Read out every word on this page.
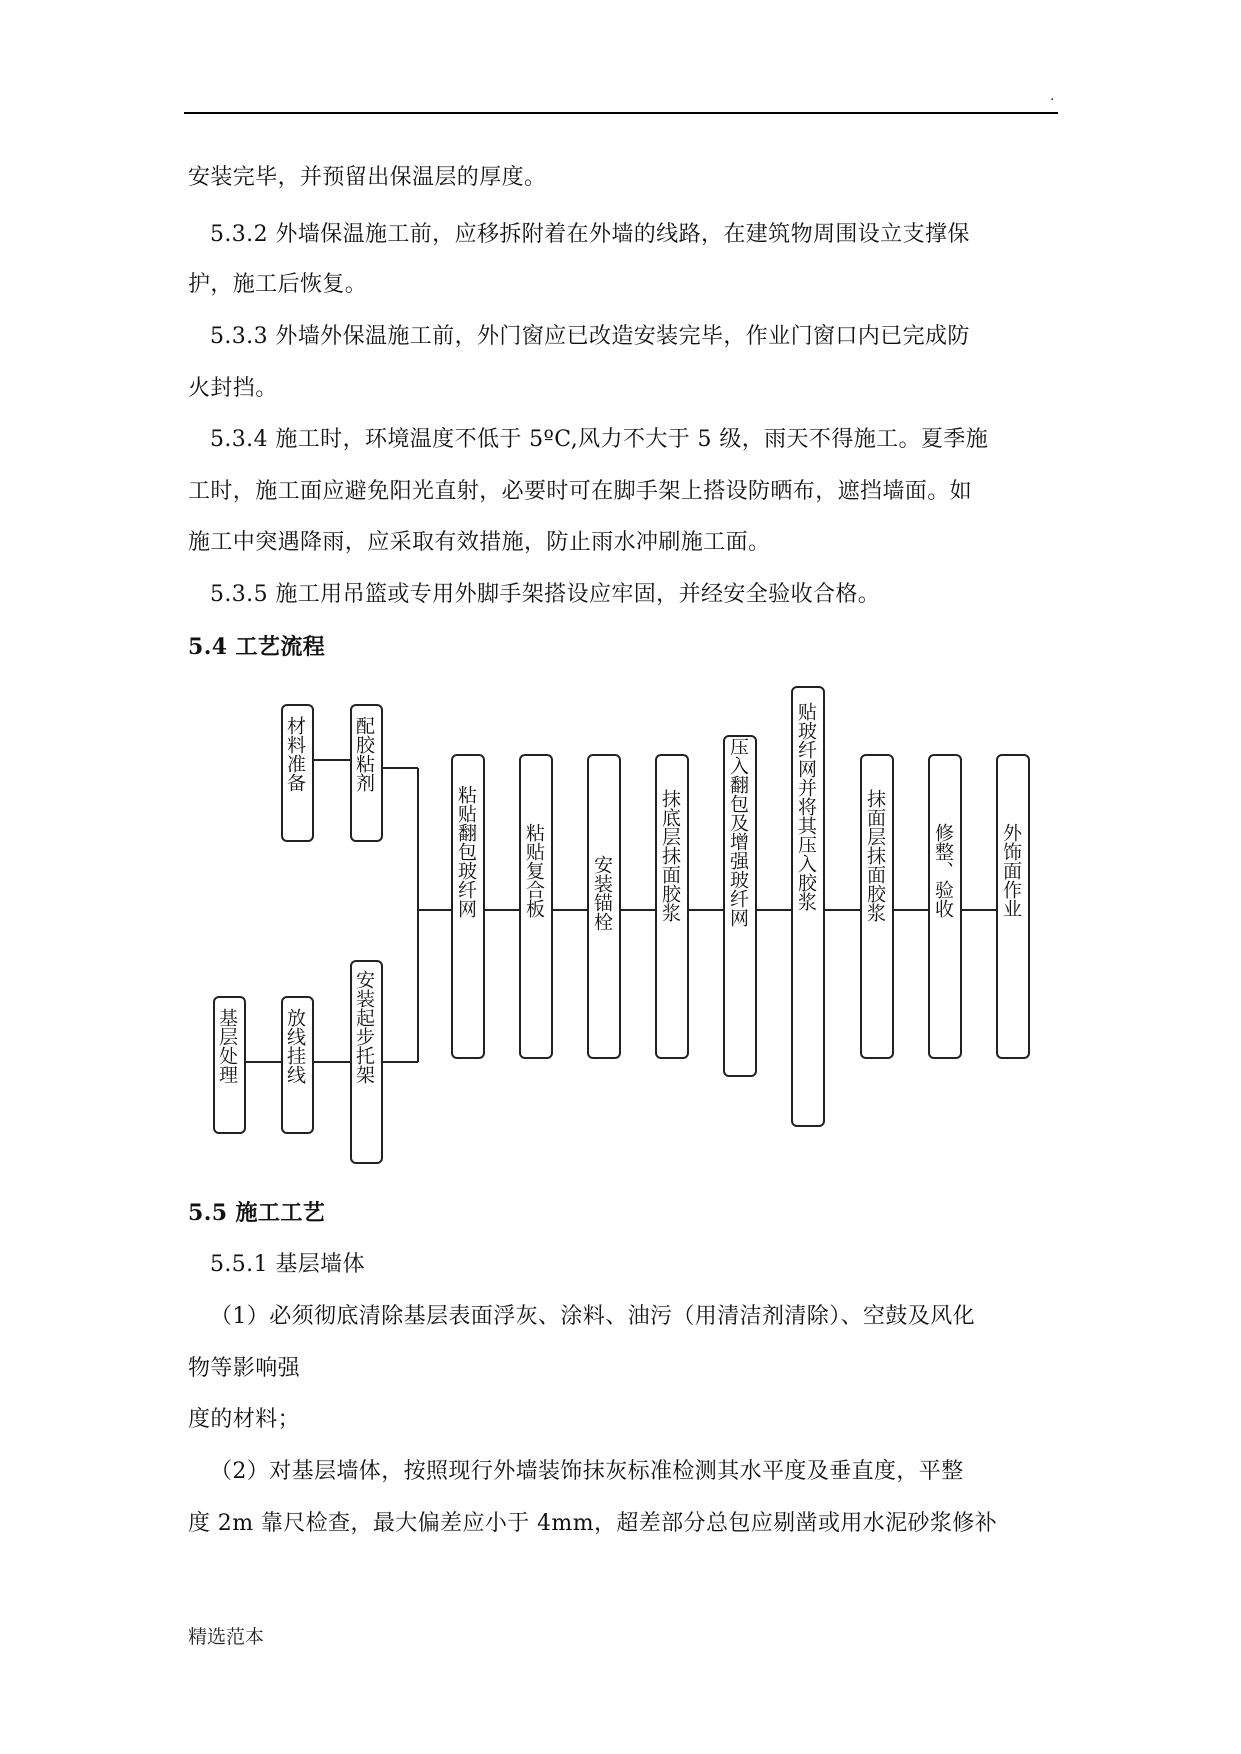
.
安装完毕，并预留出保温层的厚度。
5.3.2 外墙保温施工前，应移拆附着在外墙的线路，在建筑物周围设立支撑保
护，施工后恢复。
5.3.3 外墙外保温施工前，外门窗应已改造安装完毕，作业门窗口内已完成防
火封挡。
5.3.4 施工时，环境温度不低于 5ºC,风力不大于 5 级，雨天不得施工。夏季施
工时，施工面应避免阳光直射，必要时可在脚手架上搭设防晒布，遮挡墙面。如
施工中突遇降雨，应采取有效措施，防止雨水冲刷施工面。
5.3.5 施工用吊篮或专用外脚手架搭设应牢固，并经安全验收合格。
5.4 工艺流程
材料准备	配胶粘剂
基层处理	放线挂线	安装起步托架
粘贴翻包玻纤网	粘贴复合板	安装锚栓	抹底层抹面胶浆	压入翻包及增强玻纤网	贴玻纤网并将其压入胶浆	抹面层抹面胶浆	修整、验收	外饰面作业
5.5 施工工艺
5.5.1 基层墙体
（1）必须彻底清除基层表面浮灰、涂料、油污（用清洁剂清除）、空鼓及风化
物等影响强
度的材料；
（2）对基层墙体，按照现行外墙装饰抹灰标准检测其水平度及垂直度，平整
度 2m 靠尺检查，最大偏差应小于 4mm，超差部分总包应剔凿或用水泥砂浆修补
精选范本
